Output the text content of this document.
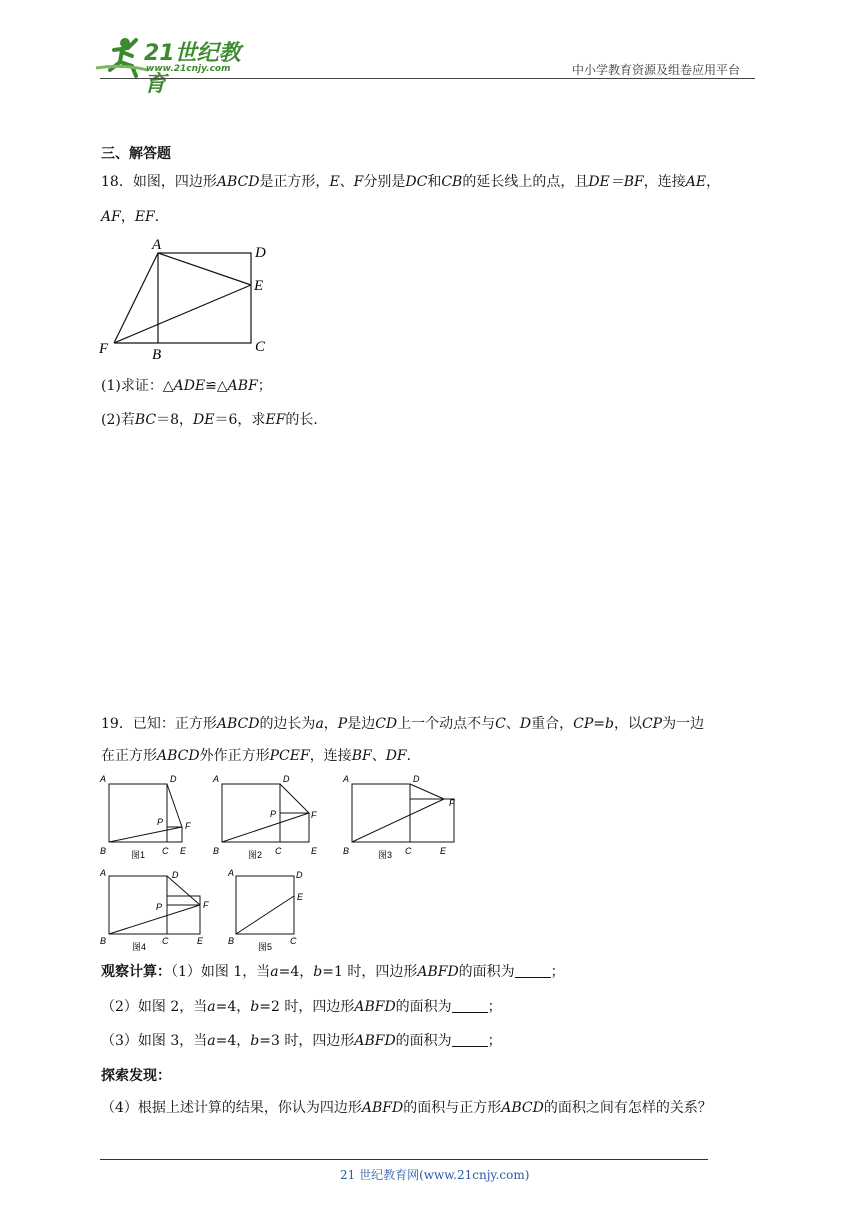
21世纪教育
www.21cnjy.com	中小学教育资源及组卷应用平台
三、解答题
18．如图，四边形ABCD是正方形，E、F分别是DC和CB的延长线上的点，且DE＝BF，连接AE，
AF，EF．
A	D
E
F	B	C
(1)求证：△ADE≌△ABF；
(2)若BC＝8，DE＝6，求EF的长．
19．已知：正方形ABCD的边长为a，P是边CD上一个动点不与C、D重合，CP=b，以CP为一边
在正方形ABCD外作正方形PCEF，连接BF、DF．
A	D
P F
B	C E
图1
A	D
P	F
B	C	E
图2
A	D
F
B	C	E
图3
A	D
P	F
B	C	E
图4
A	D
E
B	C
图5
观察计算：（1）如图 1，当a=4，b=1 时，四边形ABFD的面积为	；
（2）如图 2，当a=4，b=2 时，四边形ABFD的面积为	；
（3）如图 3，当a=4，b=3 时，四边形ABFD的面积为	；
探索发现：
（4）根据上述计算的结果，你认为四边形ABFD的面积与正方形ABCD的面积之间有怎样的关系？
21 世纪教育网(www.21cnjy.com)
